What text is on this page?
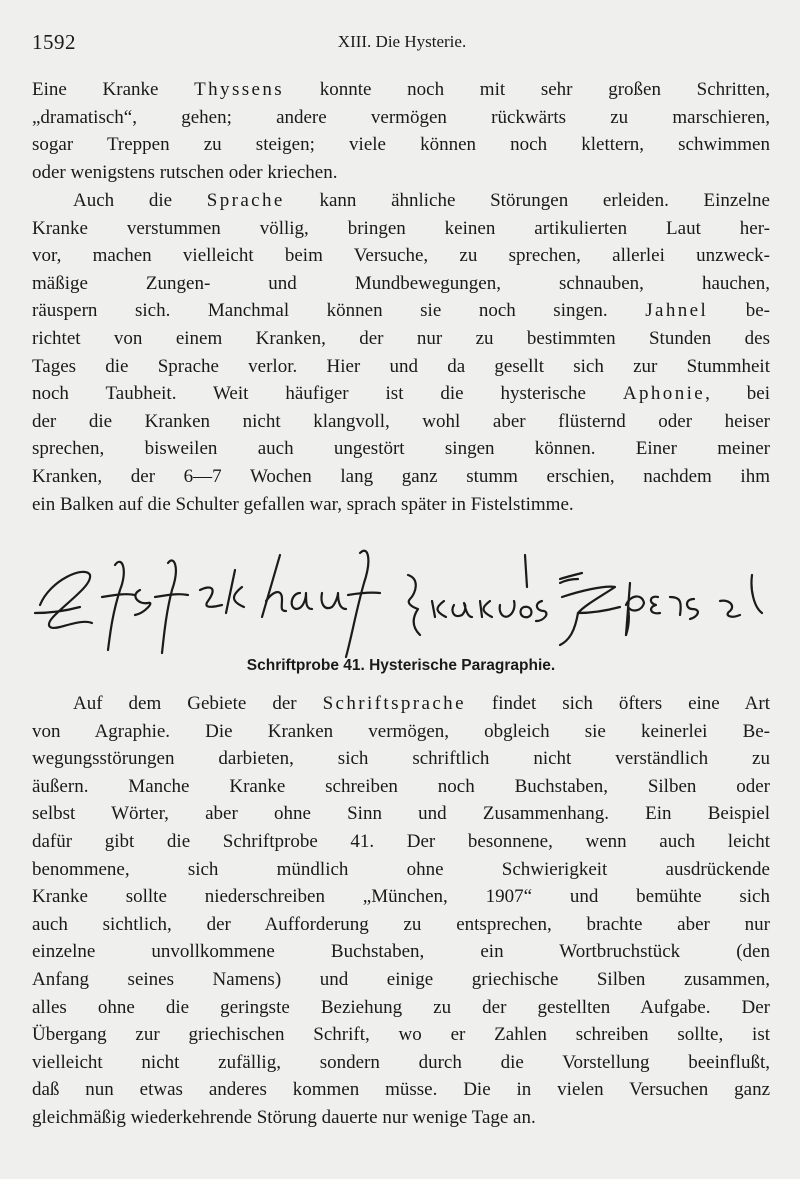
1592	XIII. Die Hysterie.
Eine Kranke Thyssens konnte noch mit sehr großen Schritten,
„dramatisch“, gehen; andere vermögen rückwärts zu marschieren,
sogar Treppen zu steigen; viele können noch klettern, schwimmen
oder wenigstens rutschen oder kriechen.
Auch die Sprache kann ähnliche Störungen erleiden. Einzelne
Kranke verstummen völlig, bringen keinen artikulierten Laut her-
vor, machen vielleicht beim Versuche, zu sprechen, allerlei unzweck-
mäßige Zungen- und Mundbewegungen, schnauben, hauchen,
räuspern sich. Manchmal können sie noch singen. Jahnel be-
richtet von einem Kranken, der nur zu bestimmten Stunden des
Tages die Sprache verlor. Hier und da gesellt sich zur Stummheit
noch Taubheit. Weit häufiger ist die hysterische Aphonie, bei
der die Kranken nicht klangvoll, wohl aber flüsternd oder heiser
sprechen, bisweilen auch ungestört singen können. Einer meiner
Kranken, der 6—7 Wochen lang ganz stumm erschien, nachdem ihm
ein Balken auf die Schulter gefallen war, sprach später in Fistelstimme.
Schriftprobe 41. Hysterische Paragraphie.
Auf dem Gebiete der Schriftsprache findet sich öfters eine Art
von Agraphie. Die Kranken vermögen, obgleich sie keinerlei Be-
wegungsstörungen darbieten, sich schriftlich nicht verständlich zu
äußern. Manche Kranke schreiben noch Buchstaben, Silben oder
selbst Wörter, aber ohne Sinn und Zusammenhang. Ein Beispiel
dafür gibt die Schriftprobe 41. Der besonnene, wenn auch leicht
benommene, sich mündlich ohne Schwierigkeit ausdrückende
Kranke sollte niederschreiben „München, 1907“ und bemühte sich
auch sichtlich, der Aufforderung zu entsprechen, brachte aber nur
einzelne unvollkommene Buchstaben, ein Wortbruchstück (den
Anfang seines Namens) und einige griechische Silben zusammen,
alles ohne die geringste Beziehung zu der gestellten Aufgabe. Der
Übergang zur griechischen Schrift, wo er Zahlen schreiben sollte, ist
vielleicht nicht zufällig, sondern durch die Vorstellung beeinflußt,
daß nun etwas anderes kommen müsse. Die in vielen Versuchen ganz
gleichmäßig wiederkehrende Störung dauerte nur wenige Tage an.
